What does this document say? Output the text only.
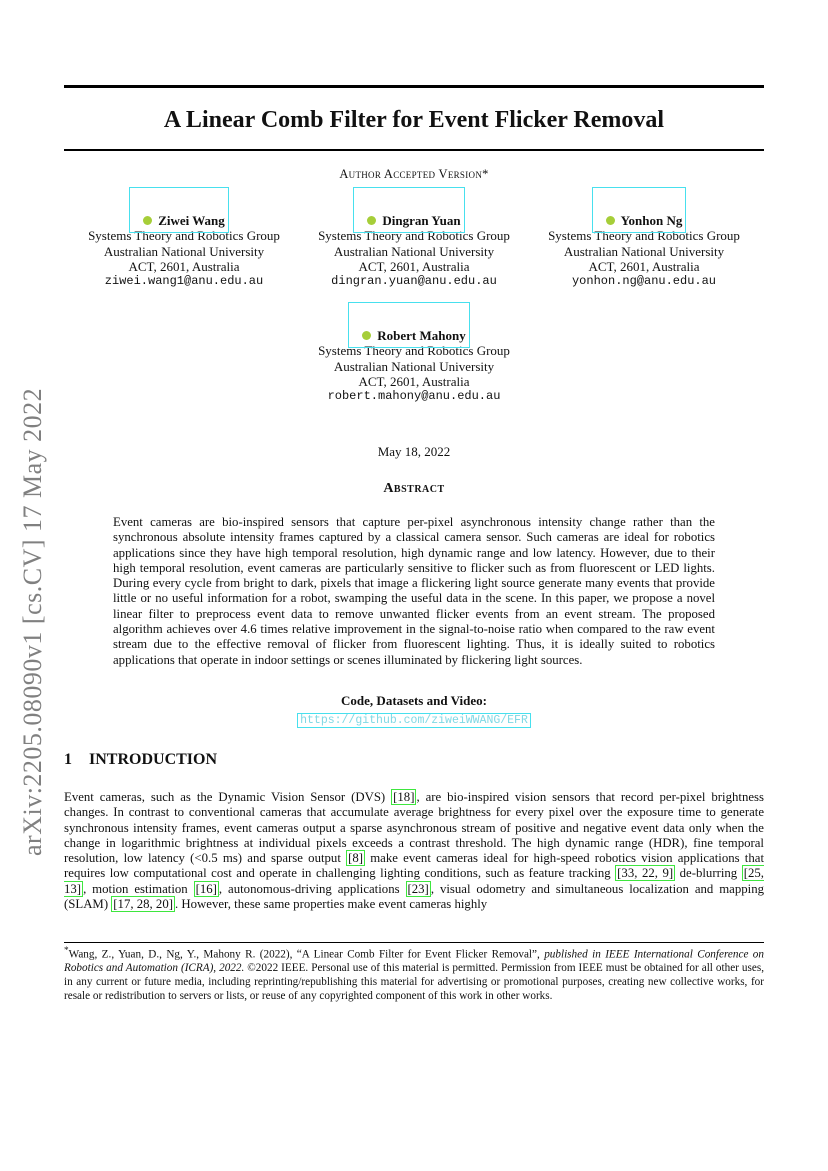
A Linear Comb Filter for Event Flicker Removal
Author Accepted Version*
Ziwei Wang
Systems Theory and Robotics Group
Australian National University
ACT, 2601, Australia
ziwei.wang1@anu.edu.au
Dingran Yuan
Systems Theory and Robotics Group
Australian National University
ACT, 2601, Australia
dingran.yuan@anu.edu.au
Yonhon Ng
Systems Theory and Robotics Group
Australian National University
ACT, 2601, Australia
yonhon.ng@anu.edu.au
Robert Mahony
Systems Theory and Robotics Group
Australian National University
ACT, 2601, Australia
robert.mahony@anu.edu.au
May 18, 2022
Abstract

Event cameras are bio-inspired sensors that capture per-pixel asynchronous intensity change rather than the synchronous absolute intensity frames captured by a classical camera sensor. Such cameras are ideal for robotics applications since they have high temporal resolution, high dynamic range and low latency. However, due to their high temporal resolution, event cameras are particularly sensitive to flicker such as from fluorescent or LED lights. During every cycle from bright to dark, pixels that image a flickering light source generate many events that provide little or no useful information for a robot, swamping the useful data in the scene. In this paper, we propose a novel linear filter to preprocess event data to remove unwanted flicker events from an event stream. The proposed algorithm achieves over 4.6 times relative improvement in the signal-to-noise ratio when compared to the raw event stream due to the effective removal of flicker from fluorescent lighting. Thus, it is ideally suited to robotics applications that operate in indoor settings or scenes illuminated by flickering light sources.

Code, Datasets and Video:
https://github.com/ziweiWWANG/EFR
1 INTRODUCTION

Event cameras, such as the Dynamic Vision Sensor (DVS) [18] , are bio-inspired vision sensors that record per-pixel brightness changes. In contrast to conventional cameras that accumulate average brightness for every pixel over the exposure time to generate synchronous intensity frames, event cameras output a sparse asynchronous stream of positive and negative event data only when the change in logarithmic brightness at individual pixels exceeds a contrast threshold. The high dynamic range (HDR), fine temporal resolution, low latency (<0.5 ms) and sparse output [8] make event cameras ideal for high-speed robotics vision applications that requires low computational cost and operate in challenging lighting conditions, such as feature tracking [33, 22, 9] de-blurring [25, 13] , motion estimation [16] , autonomous-driving applications [23] , visual odometry and simultaneous localization and mapping (SLAM) [17, 28, 20] . However, these same properties make event cameras highly

*Wang, Z., Yuan, D., Ng, Y., Mahony R. (2022), “A Linear Comb Filter for Event Flicker Removal”, published in IEEE International Conference on Robotics and Automation (ICRA), 2022. ©2022 IEEE. Personal use of this material is permitted. Permission from IEEE must be obtained for all other uses, in any current or future media, including reprinting/republishing this material for advertising or promotional purposes, creating new collective works, for resale or redistribution to servers or lists, or reuse of any copyrighted component of this work in other works.

arXiv:2205.08090v1 [cs.CV] 17 May 2022
